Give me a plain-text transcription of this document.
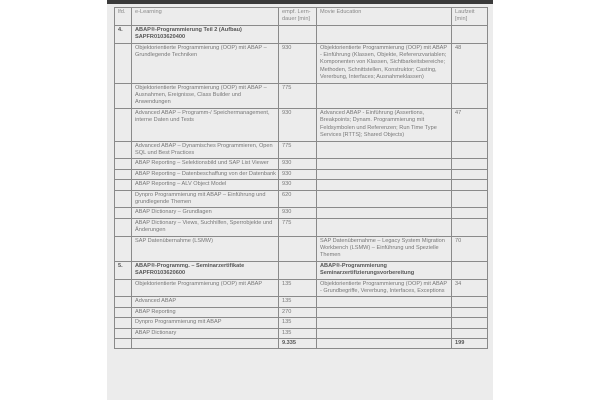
lfd.	e-Learning	empf. Lern-dauer [min]	Movie Education	Laufzeit [min]
4.	ABAP®-Programmierung Teil 2 (Aufbau) SAPFR0103620400			
	Objektorientierte Programmierung (OOP) mit ABAP – Grundlegende Techniken	930	Objektorientierte Programmierung (OOP) mit ABAP - Einführung (Klassen, Objekte, Referenzvariablen; Komponenten von Klassen, Sichtbarkeitsbereiche; Methoden, Schnittstellen, Konstruktor; Casting, Vererbung, Interfaces; Ausnahmeklassen)	48
	Objektorientierte Programmierung (OOP) mit ABAP – Ausnahmen, Ereignisse, Class Builder und Anwendungen	775		
	Advanced ABAP – Programm-/ Speichermanagement, interne Daten und Tests	930	Advanced ABAP - Einführung (Assertions, Breakpoints; Dynam. Programmierung mit Feldsymbolen und Referenzen; Run Time Type Services [RTTS]; Shared Objects)	47
	Advanced ABAP – Dynamisches Programmieren, Open SQL und Best Practices	775		
	ABAP Reporting – Selektionsbild und SAP List Viewer	930		
	ABAP Reporting – Datenbeschaffung von der Datenbank	930		
	ABAP Reporting – ALV Object Model	930		
	Dynpro Programmierung mit ABAP – Einführung und grundlegende Themen	620		
	ABAP Dictionary – Grundlagen	930		
	ABAP Dictionary – Views, Suchhilfen, Sperrobjekte und Änderungen	775		
	SAP Datenübernahme (LSMW)		SAP Datenübernahme – Legacy System Migration Workbench (LSMW) – Einführung und Spezielle Themen	70
5.	ABAP®-Programmg. – Seminarzertifikate SAPFR0103620600		ABAP®-Programmierung Seminarzertifizierungsvorbereitung	
	Objektorientierte Programmierung (OOP) mit ABAP	135	Objektorientierte Programmierung (OOP) mit ABAP - Grundbegriffe, Vererbung, Interfaces, Exceptions	34
	Advanced ABAP	135		
	ABAP Reporting	270		
	Dynpro Programmierung mit ABAP	135		
	ABAP Dictionary	135		
		9.335		199
